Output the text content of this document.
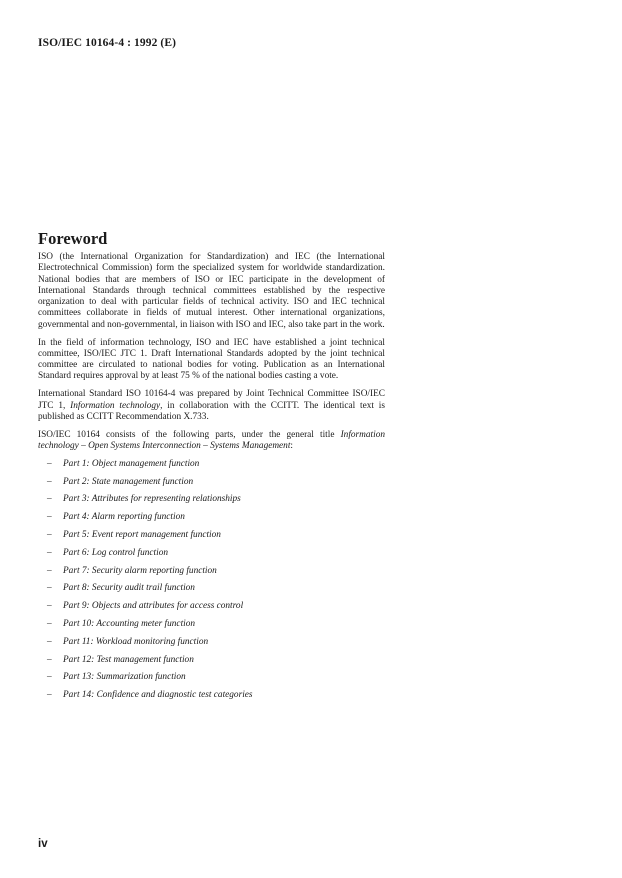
ISO/IEC 10164-4 : 1992 (E)
Foreword

ISO (the International Organization for Standardization) and IEC (the International Electrotechnical Commission) form the specialized system for worldwide standardization. National bodies that are members of ISO or IEC participate in the development of International Standards through technical committees established by the respective organization to deal with particular fields of technical activity. ISO and IEC technical committees collaborate in fields of mutual interest. Other international organizations, governmental and non-governmental, in liaison with ISO and IEC, also take part in the work.

In the field of information technology, ISO and IEC have established a joint technical committee, ISO/IEC JTC 1. Draft International Standards adopted by the joint technical committee are circulated to national bodies for voting. Publication as an International Standard requires approval by at least 75 % of the national bodies casting a vote.

International Standard ISO 10164-4 was prepared by Joint Technical Committee ISO/IEC JTC 1, Information technology, in collaboration with the CCITT. The identical text is published as CCITT Recommendation X.733.

ISO/IEC 10164 consists of the following parts, under the general title Information technology – Open Systems Interconnection – Systems Management:

– Part 1: Object management function
– Part 2: State management function
– Part 3: Attributes for representing relationships
– Part 4: Alarm reporting function
– Part 5: Event report management function
– Part 6: Log control function
– Part 7: Security alarm reporting function
– Part 8: Security audit trail function
– Part 9: Objects and attributes for access control
– Part 10: Accounting meter function
– Part 11: Workload monitoring function
– Part 12: Test management function
– Part 13: Summarization function
– Part 14: Confidence and diagnostic test categories
iv
